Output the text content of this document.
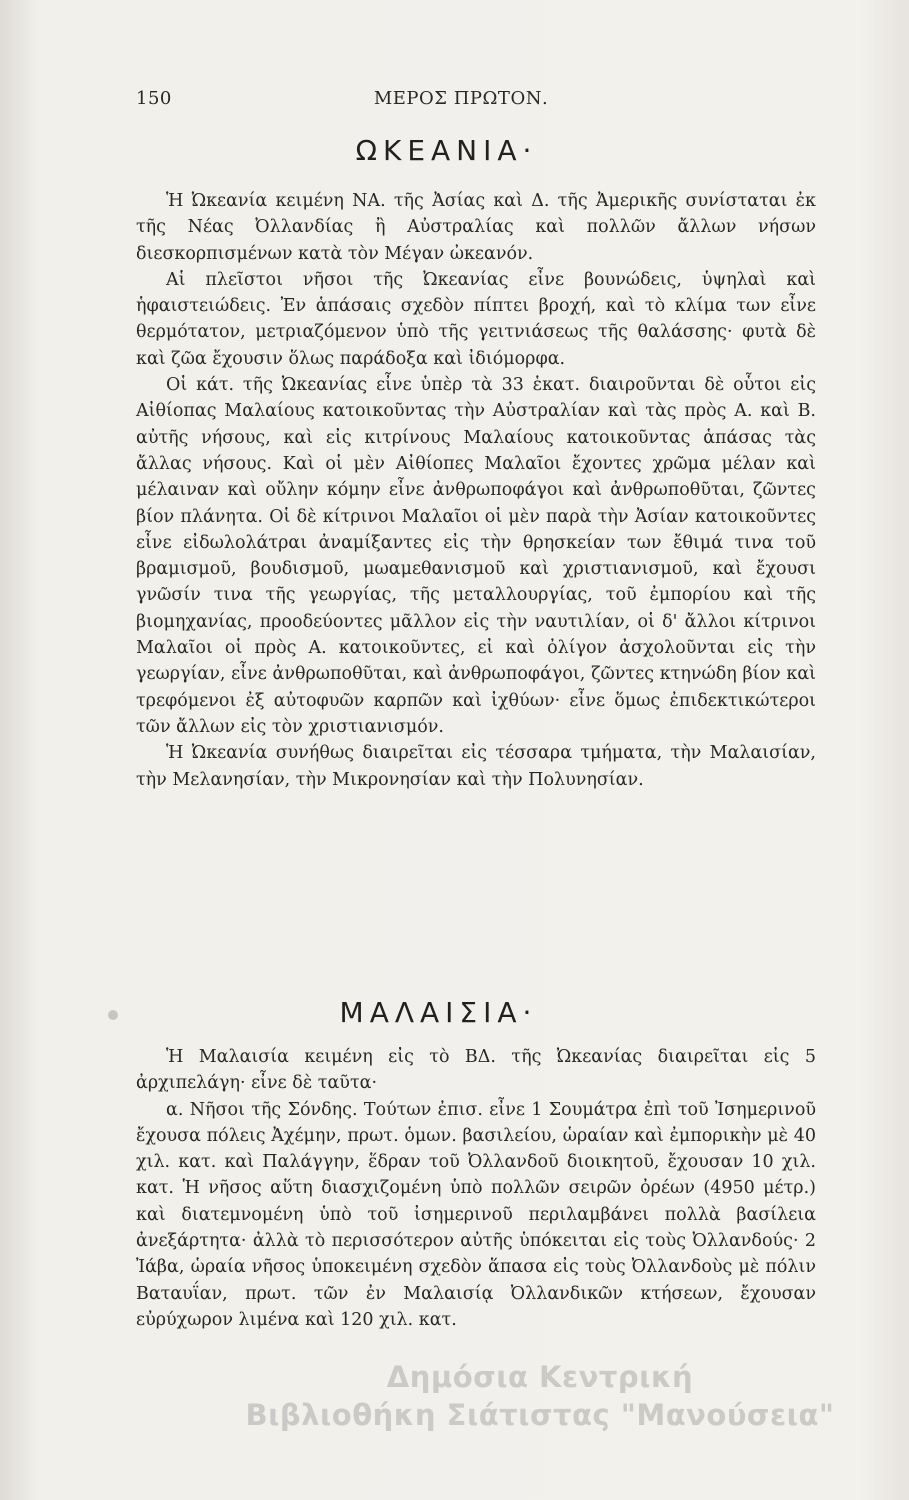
150	ΜΕΡΟΣ ΠΡΩΤΟΝ.
ΩΚΕΑΝΙΑ·

Ἡ Ὠκεανία κειμένη ΝΑ. τῆς Ἀσίας καὶ Δ. τῆς Ἀμερικῆς συνίσταται ἐκ τῆς Νέας Ὀλλανδίας ἢ Αὐστραλίας καὶ πολλῶν ἄλλων νήσων διεσκορπισμένων κατὰ τὸν Μέγαν ὠκεανόν.

Αἱ πλεῖστοι νῆσοι τῆς Ὠκεανίας εἶνε βουνώδεις, ὑψηλαὶ καὶ ἡφαιστειώδεις. Ἐν ἁπάσαις σχεδὸν πίπτει βροχή, καὶ τὸ κλίμα των εἶνε θερμότατον, μετριαζόμενον ὑπὸ τῆς γειτνιάσεως τῆς θαλάσσης· φυτὰ δὲ καὶ ζῶα ἔχουσιν ὅλως παράδοξα καὶ ἰδιόμορφα.

Οἱ κάτ. τῆς Ὠκεανίας εἶνε ὑπὲρ τὰ 33 ἑκατ. διαιροῦνται δὲ οὗτοι εἰς Αἰθίοπας Μαλαίους κατοικοῦντας τὴν Αὐστραλίαν καὶ τὰς πρὸς Α. καὶ Β. αὐτῆς νήσους, καὶ εἰς κιτρίνους Μαλαίους κατοικοῦντας ἁπάσας τὰς ἄλλας νήσους. Καὶ οἱ μὲν Αἰθίοπες Μαλαῖοι ἔχοντες χρῶμα μέλαν καὶ μέλαιναν καὶ οὔλην κόμην εἶνε ἀνθρωποφάγοι καὶ ἀνθρωποθῦται, ζῶντες βίον πλάνητα. Οἱ δὲ κίτρινοι Μαλαῖοι οἱ μὲν παρὰ τὴν Ἀσίαν κατοικοῦντες εἶνε εἰδωλολάτραι ἀναμίξαντες εἰς τὴν θρησκείαν των ἔθιμά τινα τοῦ βραμισμοῦ, βουδισμοῦ, μωαμεθανισμοῦ καὶ χριστιανισμοῦ, καὶ ἔχουσι γνῶσίν τινα τῆς γεωργίας, τῆς μεταλλουργίας, τοῦ ἐμπορίου καὶ τῆς βιομηχανίας, προοδεύοντες μᾶλλον εἰς τὴν ναυτιλίαν, οἱ δ' ἄλλοι κίτρινοι Μαλαῖοι οἱ πρὸς Α. κατοικοῦντες, εἰ καὶ ὀλίγον ἀσχολοῦνται εἰς τὴν γεωργίαν, εἶνε ἀνθρωποθῦται, καὶ ἀνθρωποφάγοι, ζῶντες κτηνώδη βίον καὶ τρεφόμενοι ἐξ αὐτοφυῶν καρπῶν καὶ ἰχθύων· εἶνε ὅμως ἐπιδεκτικώτεροι τῶν ἄλλων εἰς τὸν χριστιανισμόν.

Ἡ Ὠκεανία συνήθως διαιρεῖται εἰς τέσσαρα τμήματα, τὴν Μαλαισίαν, τὴν Μελανησίαν, τὴν Μικρονησίαν καὶ τὴν Πολυνησίαν.

ΜΑΛΑΙΣΙΑ·

Ἡ Μαλαισία κειμένη εἰς τὸ ΒΔ. τῆς Ὠκεανίας διαιρεῖται εἰς 5 ἀρχιπελάγη· εἶνε δὲ ταῦτα·

α. Νῆσοι τῆς Σόνδης. Τούτων ἐπισ. εἶνε 1 Σουμάτρα ἐπὶ τοῦ Ἰσημερινοῦ ἔχουσα πόλεις Ἀχέμην, πρωτ. ὁμων. βασιλείου, ὡραίαν καὶ ἐμπορικὴν μὲ 40 χιλ. κατ. καὶ Παλάγγην, ἕδραν τοῦ Ὀλλανδοῦ διοικητοῦ, ἔχουσαν 10 χιλ. κατ. Ἡ νῆσος αὕτη διασχιζομένη ὑπὸ πολλῶν σειρῶν ὀρέων (4950 μέτρ.) καὶ διατεμνομένη ὑπὸ τοῦ ἰσημερινοῦ περιλαμβάνει πολλὰ βασίλεια ἀνεξάρτητα· ἀλλὰ τὸ περισσότερον αὐτῆς ὑπόκειται εἰς τοὺς Ὀλλανδούς· 2 Ἰάβα, ὡραία νῆσος ὑποκειμένη σχεδὸν ἅπασα εἰς τοὺς Ὀλλανδοὺς μὲ πόλιν Βαταυΐαν, πρωτ. τῶν ἐν Μαλαισίᾳ Ὀλλανδικῶν κτήσεων, ἔχουσαν εὐρύχωρον λιμένα καὶ 120 χιλ. κατ.

Δημόσια Κεντρική
Βιβλιοθήκη Σιάτιστας "Μανούσεια"
